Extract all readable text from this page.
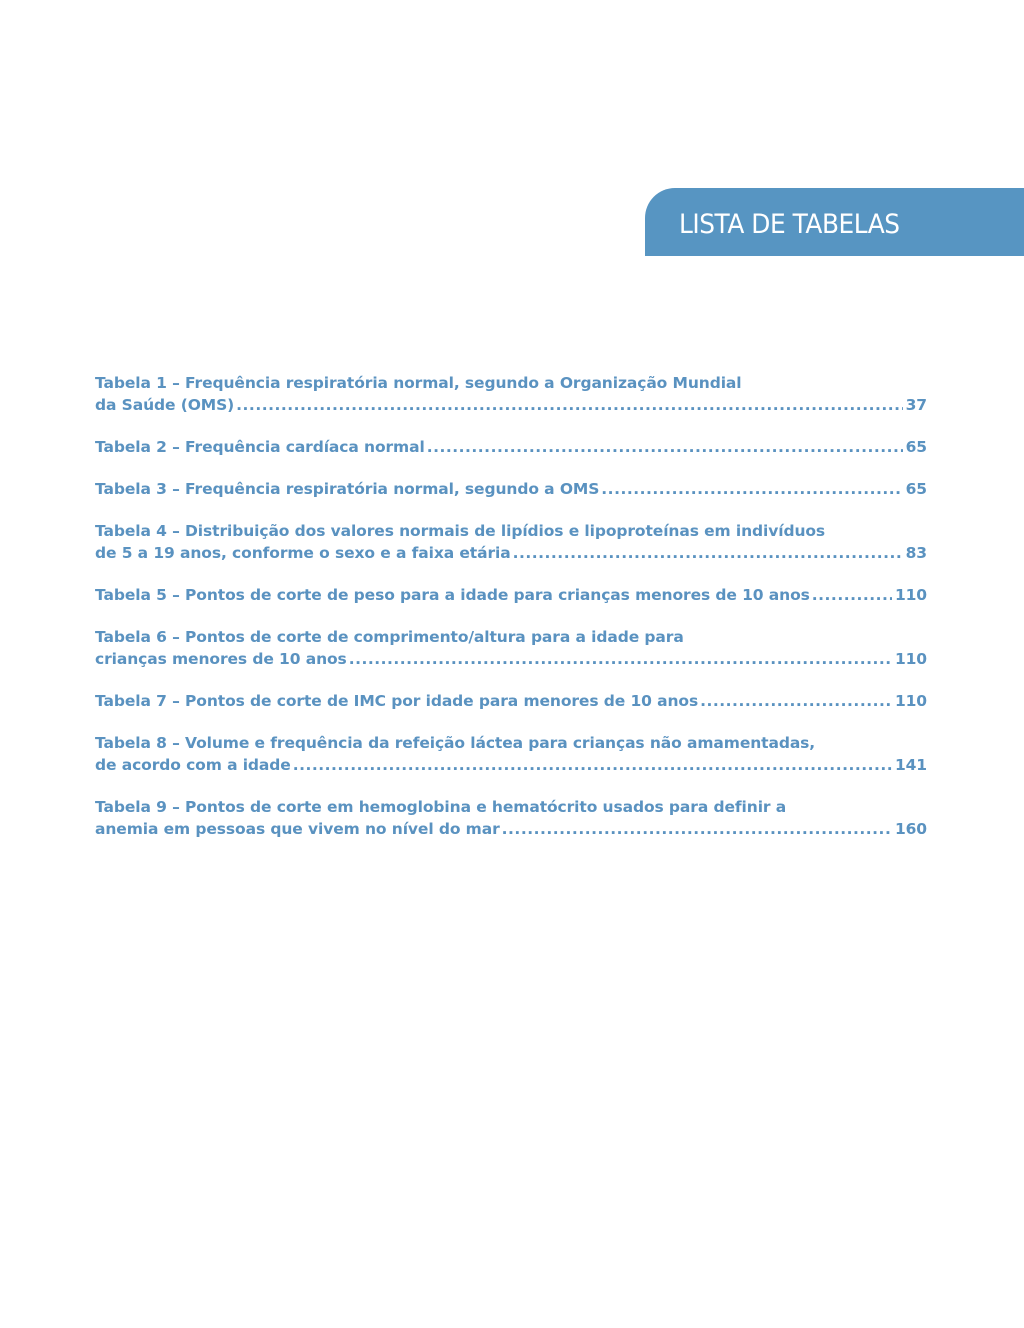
LISTA DE TABELAS
Tabela 1 – Frequência respiratória normal, segundo a Organização Mundial
da Saúde (OMS) .....	37
Tabela 2 – Frequência cardíaca normal .....	65
Tabela 3 – Frequência respiratória normal, segundo a OMS .....	65
Tabela 4 – Distribuição dos valores normais de lipídios e lipoproteínas em indivíduos
de 5 a 19 anos, conforme o sexo e a faixa etária .....	83
Tabela 5 – Pontos de corte de peso para a idade para crianças menores de 10 anos .....	110
Tabela 6 – Pontos de corte de comprimento/altura para a idade para
crianças menores de 10 anos .....	110
Tabela 7 – Pontos de corte de IMC por idade para menores de 10 anos .....	110
Tabela 8 – Volume e frequência da refeição láctea para crianças não amamentadas,
de acordo com a idade .....	141
Tabela 9 – Pontos de corte em hemoglobina e hematócrito usados para definir a
anemia em pessoas que vivem no nível do mar .....	160
